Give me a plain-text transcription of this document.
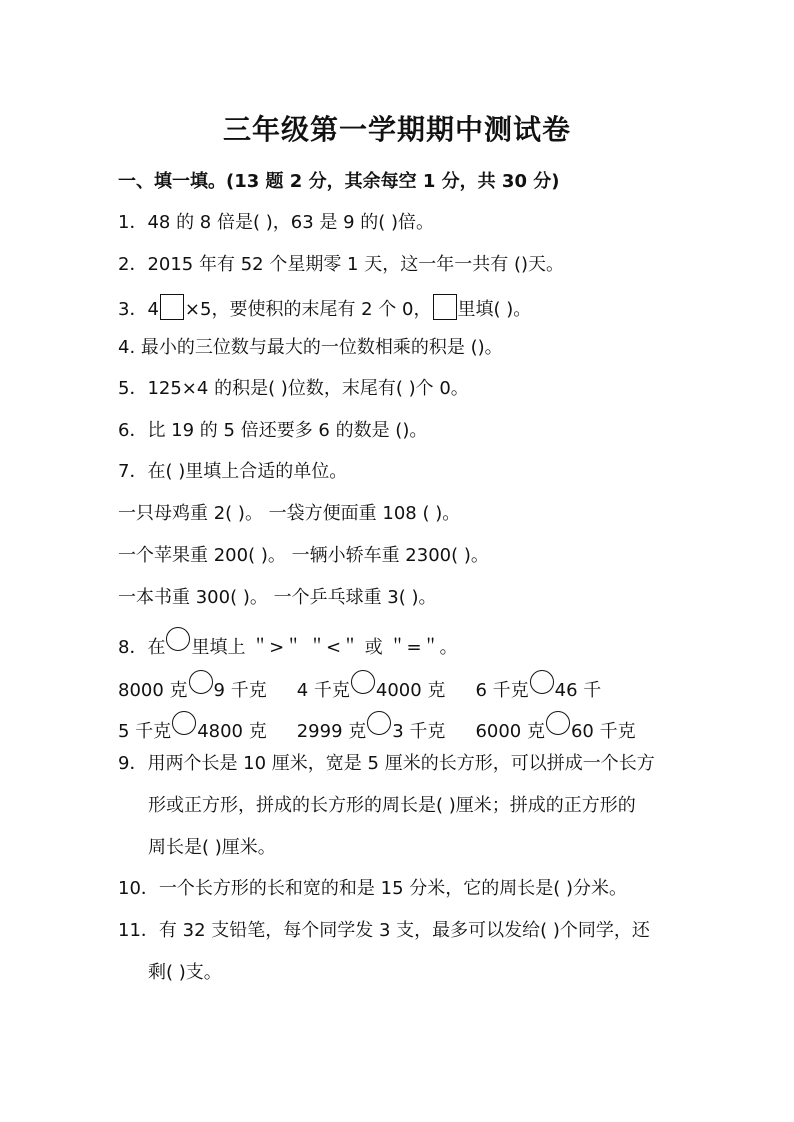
三年级第一学期期中测试卷
一、填一填。(13 题 2 分，其余每空 1 分，共 30 分)
1．48 的 8 倍是( )，63 是 9 的( )倍。
2．2015 年有 52 个星期零 1 天，这一年一共有 ()天。
3．4 ×5，要使积的末尾有 2 个 0， 里填( )。
4. 最小的三位数与最大的一位数相乘的积是 ()。
5．125×4 的积是( )位数，末尾有( )个 0。
6．比 19 的 5 倍还要多 6 的数是 ()。
7．在( )里填上合适的单位。
一只母鸡重 2( )。 一袋方便面重 108 ( )。
一个苹果重 200( )。 一辆小轿车重 2300( )。
一本书重 300( )。 一个乒乓球重 3( )。
8．在 里填上 ＂>＂ ＂<＂ 或 ＂=＂。
8000 克 9 千克 4 千克 4000 克 6 千克 46 千
5 千克 4800 克 2999 克 3 千克 6000 克 60 千克
9．用两个长是 10 厘米，宽是 5 厘米的长方形，可以拼成一个长方
形或正方形，拼成的长方形的周长是( )厘米；拼成的正方形的
周长是( )厘米。
10．一个长方形的长和宽的和是 15 分米，它的周长是( )分米。
11．有 32 支铅笔，每个同学发 3 支，最多可以发给( )个同学，还
剩( )支。
